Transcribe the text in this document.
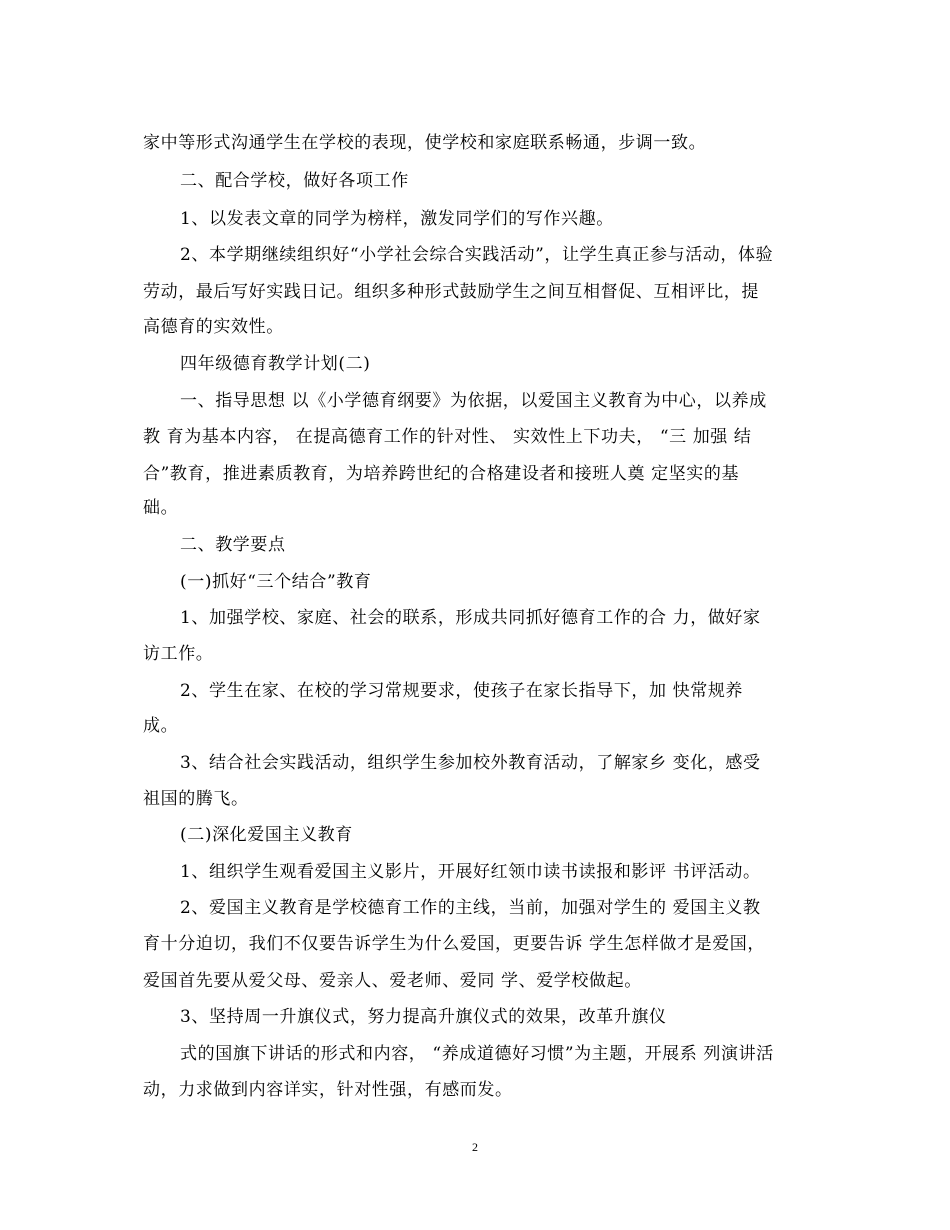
家中等形式沟通学生在学校的表现，使学校和家庭联系畅通，步调一致。
二、配合学校，做好各项工作
1、以发表文章的同学为榜样，激发同学们的写作兴趣。
2、本学期继续组织好“小学社会综合实践活动”，让学生真正参与活动，体验
劳动，最后写好实践日记。组织多种形式鼓励学生之间互相督促、互相评比，提
高德育的实效性。
四年级德育教学计划(二)
一、指导思想 以《小学德育纲要》为依据，以爱国主义教育为中心，以养成
教 育为基本内容， 在提高德育工作的针对性、 实效性上下功夫， “三 加强 结
合”教育，推进素质教育，为培养跨世纪的合格建设者和接班人奠 定坚实的基
础。
二、教学要点
(一)抓好“三个结合”教育
1、加强学校、家庭、社会的联系，形成共同抓好德育工作的合 力，做好家
访工作。
2、学生在家、在校的学习常规要求，使孩子在家长指导下，加 快常规养
成。
3、结合社会实践活动，组织学生参加校外教育活动，了解家乡 变化，感受
祖国的腾飞。
(二)深化爱国主义教育
1、组织学生观看爱国主义影片，开展好红领巾读书读报和影评 书评活动。
2、爱国主义教育是学校德育工作的主线，当前，加强对学生的 爱国主义教
育十分迫切，我们不仅要告诉学生为什么爱国，更要告诉 学生怎样做才是爱国，
爱国首先要从爱父母、爱亲人、爱老师、爱同 学、爱学校做起。
3、坚持周一升旗仪式，努力提高升旗仪式的效果，改革升旗仪
式的国旗下讲话的形式和内容， “养成道德好习惯”为主题，开展系 列演讲活
动，力求做到内容详实，针对性强，有感而发。
2
